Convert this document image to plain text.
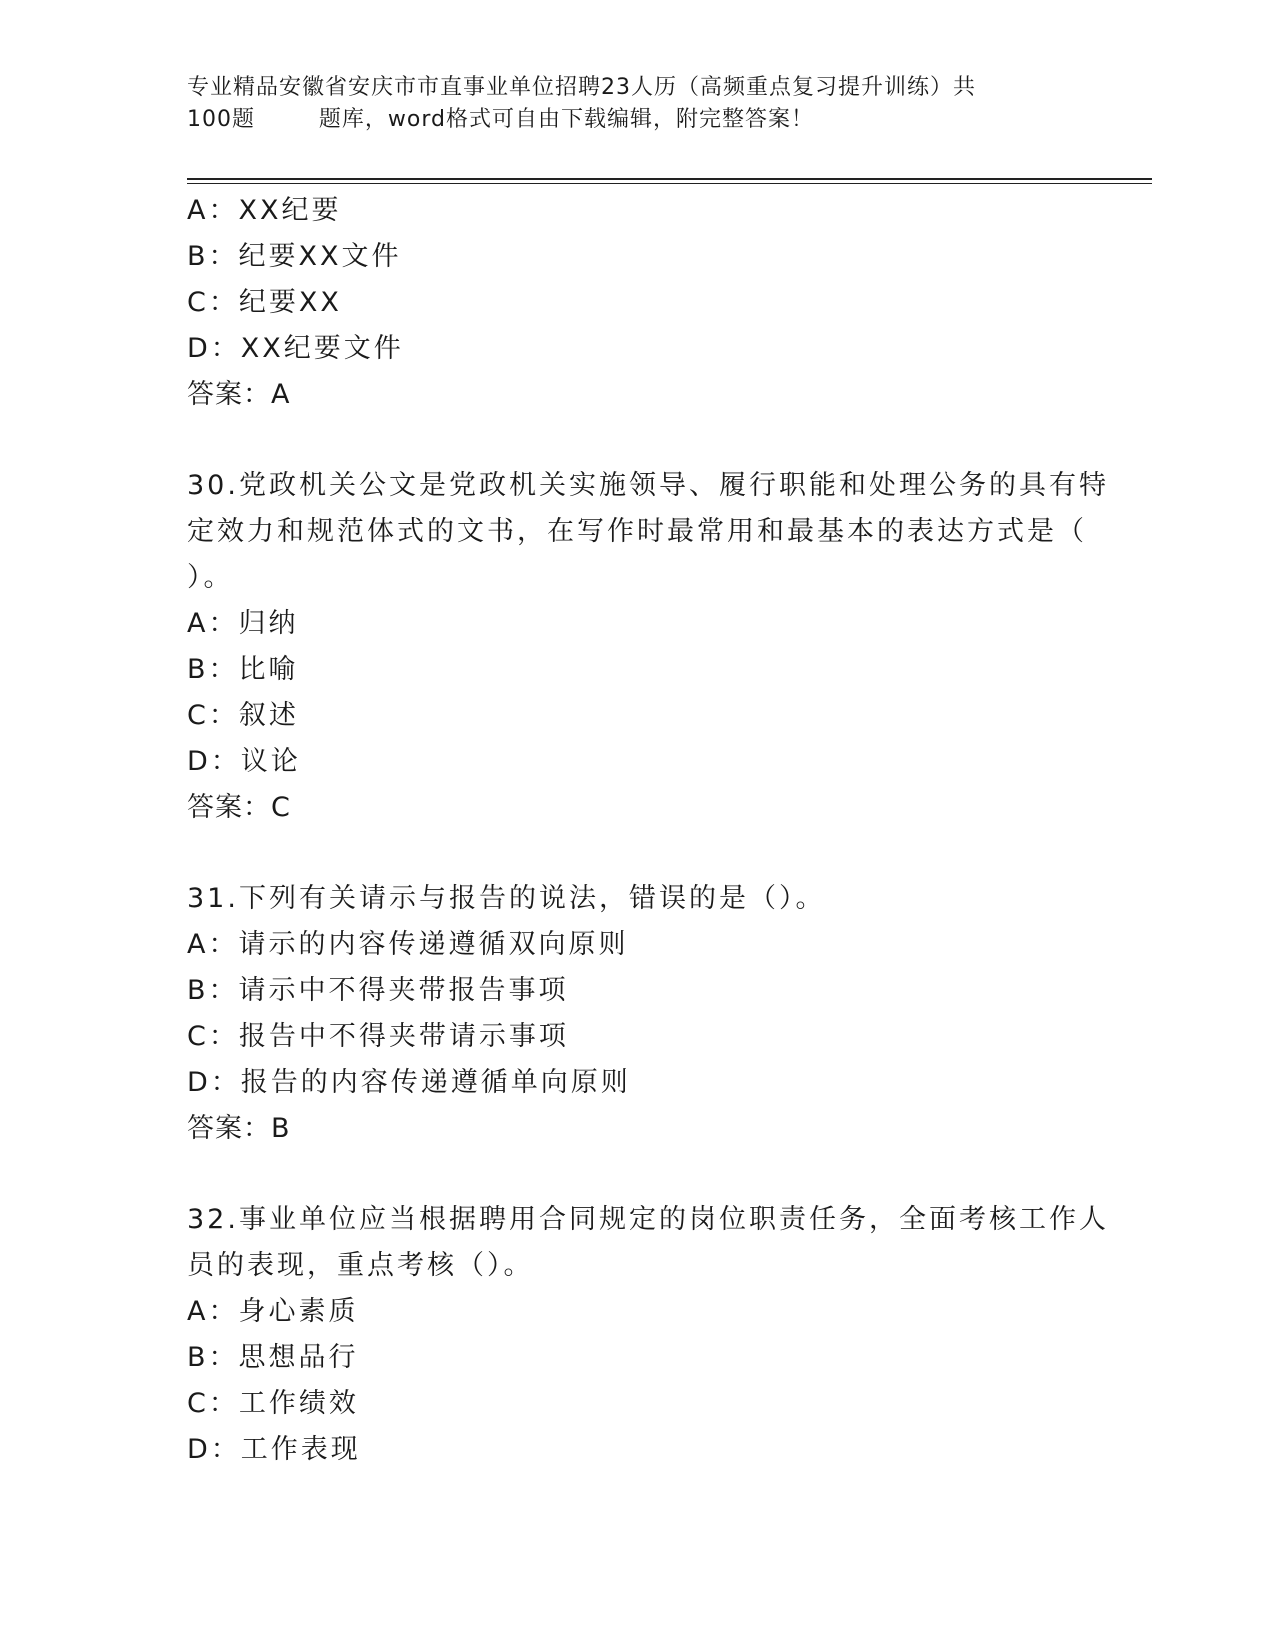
专业精品安徽省安庆市市直事业单位招聘23人历（高频重点复习提升训练）共
100题        题库，word格式可自由下载编辑，附完整答案！
A：XX纪要
B：纪要XX文件
C：纪要XX
D：XX纪要文件
答案：A
30.党政机关公文是党政机关实施领导、履行职能和处理公务的具有特
定效力和规范体式的文书，在写作时最常用和最基本的表达方式是（
）。
A：归纳
B：比喻
C：叙述
D：议论
答案：C
31.下列有关请示与报告的说法，错误的是（）。
A：请示的内容传递遵循双向原则
B：请示中不得夹带报告事项
C：报告中不得夹带请示事项
D：报告的内容传递遵循单向原则
答案：B
32.事业单位应当根据聘用合同规定的岗位职责任务，全面考核工作人
员的表现，重点考核（）。
A：身心素质
B：思想品行
C：工作绩效
D：工作表现
